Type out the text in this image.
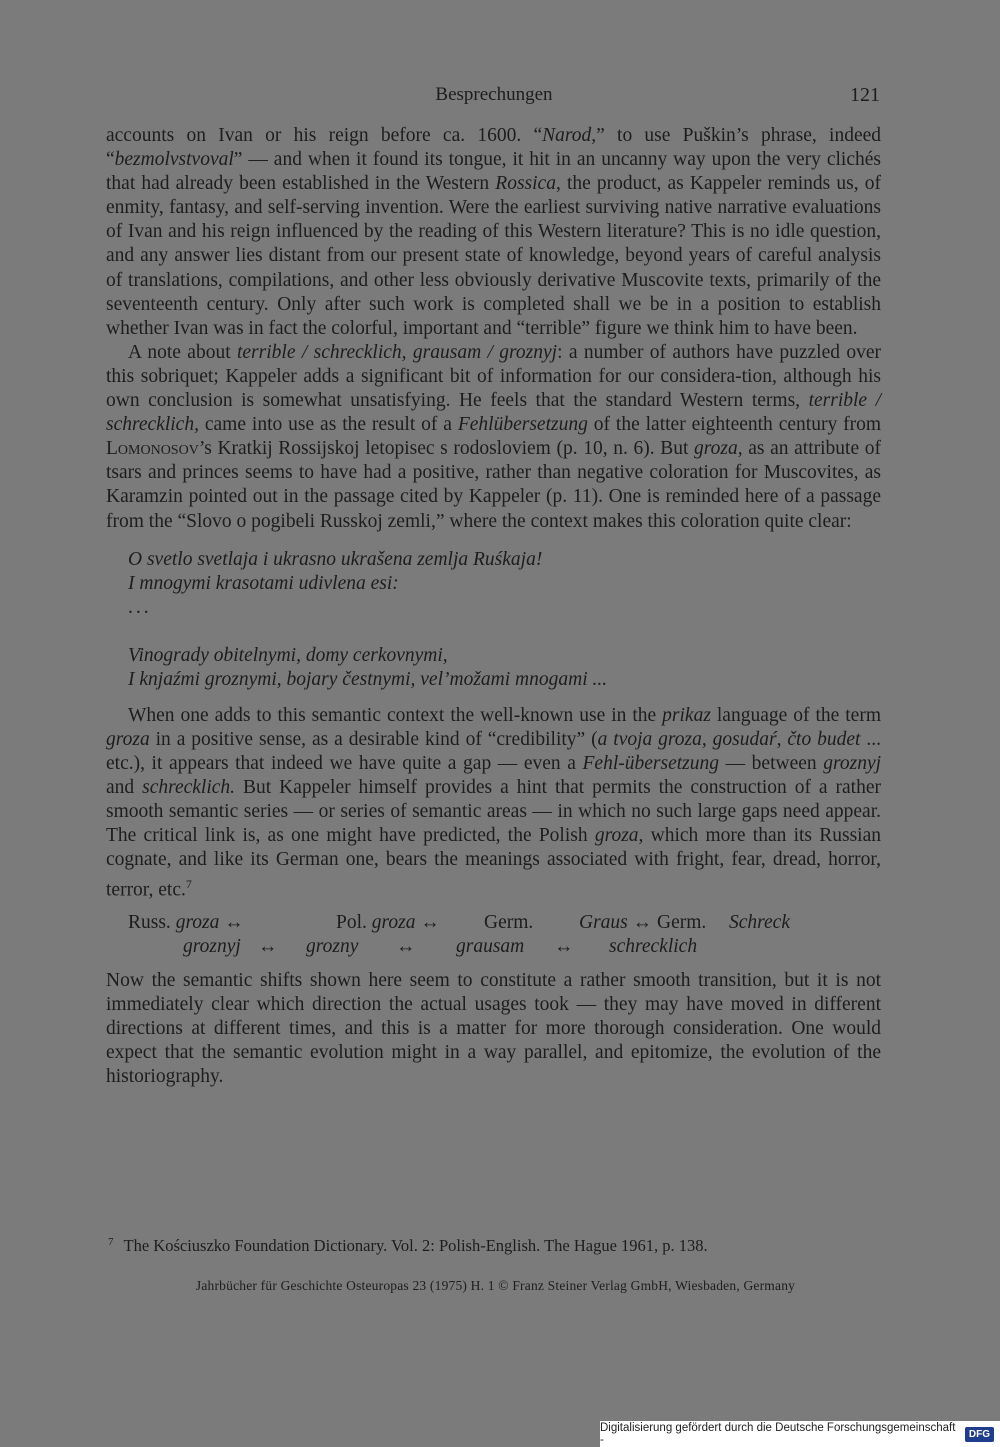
Besprechungen	121

accounts on Ivan or his reign before ca. 1600. “Narod,” to use Puškin’s phrase, indeed “bezmolvstvoval” — and when it found its tongue, it hit in an uncanny way upon the very clichés that had already been established in the Western Rossica, the product, as Kappeler reminds us, of enmity, fantasy, and self-serving invention. Were the earliest surviving native narrative evaluations of Ivan and his reign influenced by the reading of this Western literature? This is no idle question, and any answer lies distant from our present state of knowledge, beyond years of careful analysis of translations, compilations, and other less obviously derivative Muscovite texts, primarily of the seventeenth century. Only after such work is completed shall we be in a position to establish whether Ivan was in fact the colorful, important and “terrible” figure we think him to have been.

A note about terrible / schrecklich, grausam / groznyj: a number of authors have puzzled over this sobriquet; Kappeler adds a significant bit of information for our considera-tion, although his own conclusion is somewhat unsatisfying. He feels that the standard Western terms, terrible / schrecklich, came into use as the result of a Fehlübersetzung of the latter eighteenth century from Lomonosov’s Kratkij Rossijskoj letopisec s rodosloviem (p. 10, n. 6). But groza, as an attribute of tsars and princes seems to have had a positive, rather than negative coloration for Muscovites, as Karamzin pointed out in the passage cited by Kappeler (p. 11). One is reminded here of a passage from the “Slovo o pogibeli Russkoj zemli,” where the context makes this coloration quite clear:

O svetlo svetlaja i ukrasno ukrašena zemlja Ruśkaja!
I mnogymi krasotami udivlena esi:
...
Vinogrady obitelnymi, domy cerkovnymi,
I knjaźmi groznymi, bojary čestnymi, vel’možami mnogami ...

When one adds to this semantic context the well-known use in the prikaz language of the term groza in a positive sense, as a desirable kind of “credibility” (a tvoja groza, gosudaŕ, čto budet ... etc.), it appears that indeed we have quite a gap — even a Fehl-übersetzung — between groznyj and schrecklich. But Kappeler himself provides a hint that permits the construction of a rather smooth semantic series — or series of semantic areas — in which no such large gaps need appear. The critical link is, as one might have predicted, the Polish groza, which more than its Russian cognate, and like its German one, bears the meanings associated with fright, fear, dread, horror, terror, etc.$^7$

Russ. groza ↔	Pol. groza ↔	Germ.	Graus ↔ Germ.	Schreck
groznyj ↔	grozny	↔	grausam	↔	schrecklich

Now the semantic shifts shown here seem to constitute a rather smooth transition, but it is not immediately clear which direction the actual usages took — they may have moved in different directions at different times, and this is a matter for more thorough consideration. One would expect that the semantic evolution might in a way parallel, and epitomize, the evolution of the historiography.

$^7$ The Kościuszko Foundation Dictionary. Vol. 2: Polish-English. The Hague 1961, p. 138.
Jahrbücher für Geschichte Osteuropas 23 (1975) H. 1 © Franz Steiner Verlag GmbH, Wiesbaden, Germany
Digitalisierung gefördert durch die Deutsche Forschungsgemeinschaft -	DFG
